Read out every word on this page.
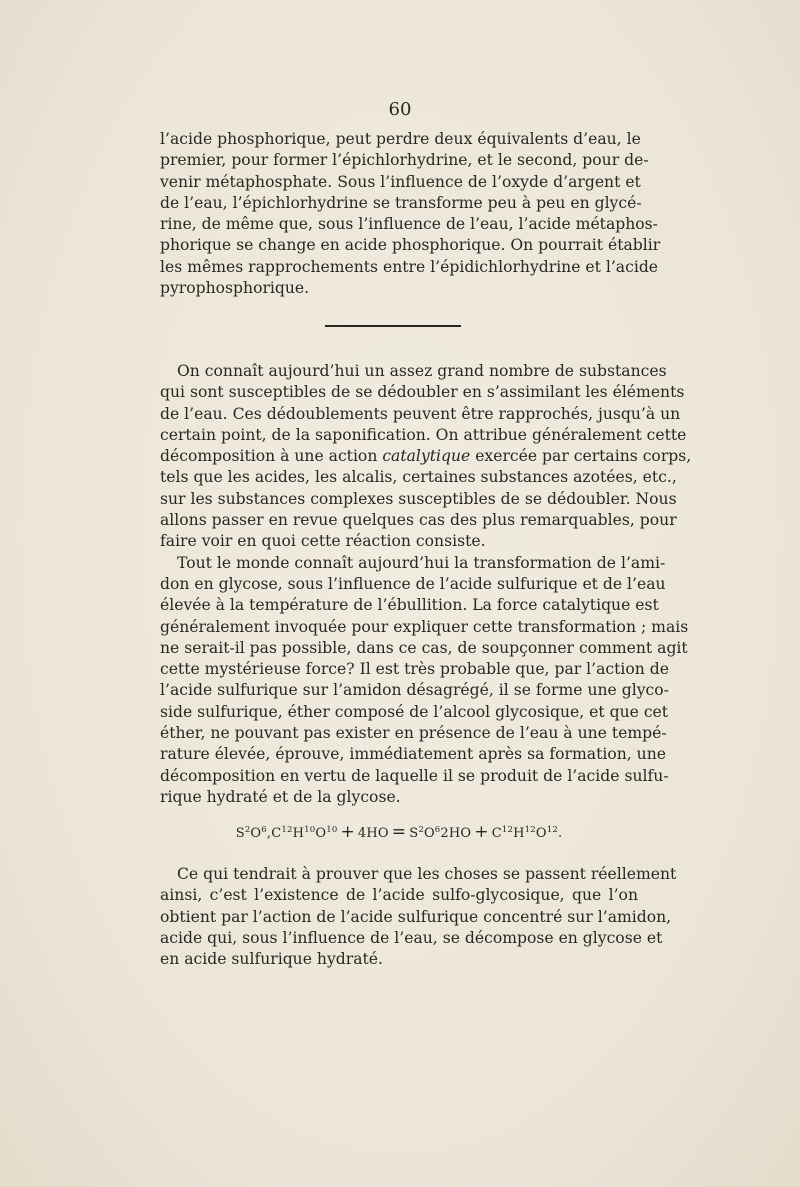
60
l’acide phosphorique, peut perdre deux équivalents d’eau, le
premier, pour former l’épichlorhydrine, et le second, pour de-
venir métaphosphate. Sous l’influence de l’oxyde d’argent et
de l’eau, l’épichlorhydrine se transforme peu à peu en glycé-
rine, de même que, sous l’influence de l’eau, l’acide métaphos-
phorique se change en acide phosphorique. On pourrait établir
les mêmes rapprochements entre l’épidichlorhydrine et l’acide
pyrophosphorique.
On connaît aujourd’hui un assez grand nombre de substances
qui sont susceptibles de se dédoubler en s’assimilant les éléments
de l’eau. Ces dédoublements peuvent être rapprochés, jusqu’à un
certain point, de la saponification. On attribue généralement cette
décomposition à une action catalytique exercée par certains corps,
tels que les acides, les alcalis, certaines substances azotées, etc.,
sur les substances complexes susceptibles de se dédoubler. Nous
allons passer en revue quelques cas des plus remarquables, pour
faire voir en quoi cette réaction consiste.
Tout le monde connaît aujourd’hui la transformation de l’ami-
don en glycose, sous l’influence de l’acide sulfurique et de l’eau
élevée à la température de l’ébullition. La force catalytique est
généralement invoquée pour expliquer cette transformation ; mais
ne serait-il pas possible, dans ce cas, de soupçonner comment agit
cette mystérieuse force? Il est très probable que, par l’action de
l’acide sulfurique sur l’amidon désagrégé, il se forme une glyco-
side sulfurique, éther composé de l’alcool glycosique, et que cet
éther, ne pouvant pas exister en présence de l’eau à une tempé-
rature élevée, éprouve, immédiatement après sa formation, une
décomposition en vertu de laquelle il se produit de l’acide sulfu-
rique hydraté et de la glycose.
$S^2O^6,C^{12}H^{10}O^{10} + 4HO = S^2O^62HO + C^{12}H^{12}O^{12}$.
Ce qui tendrait à prouver que les choses se passent réellement
ainsi, c’est l’existence de l’acide sulfo-glycosique, que l’on
obtient par l’action de l’acide sulfurique concentré sur l’amidon,
acide qui, sous l’influence de l’eau, se décompose en glycose et
en acide sulfurique hydraté.
